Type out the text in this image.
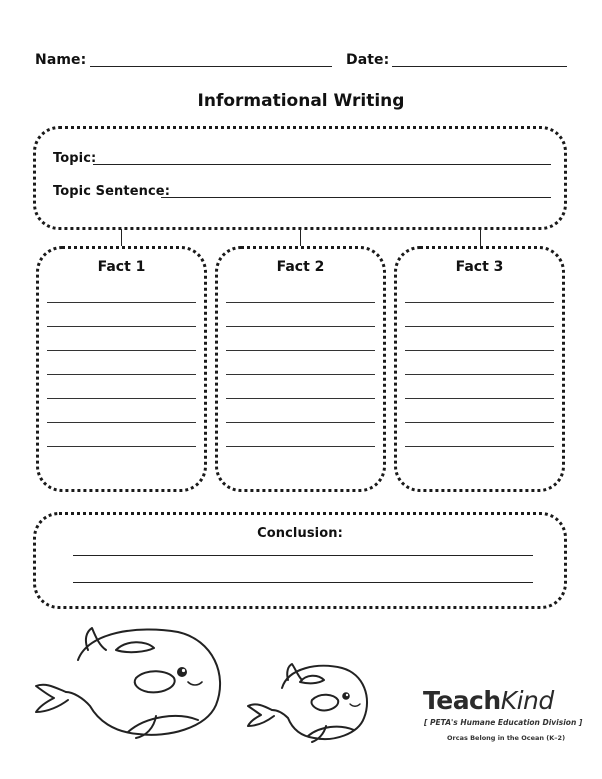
Name:	Date:
Informational Writing
Topic:
Topic Sentence:
Fact 1	Fact 2	Fact 3
Conclusion:
TeachKind
[ PETA's Humane Education Division ]
Orcas Belong in the Ocean (K–2)
